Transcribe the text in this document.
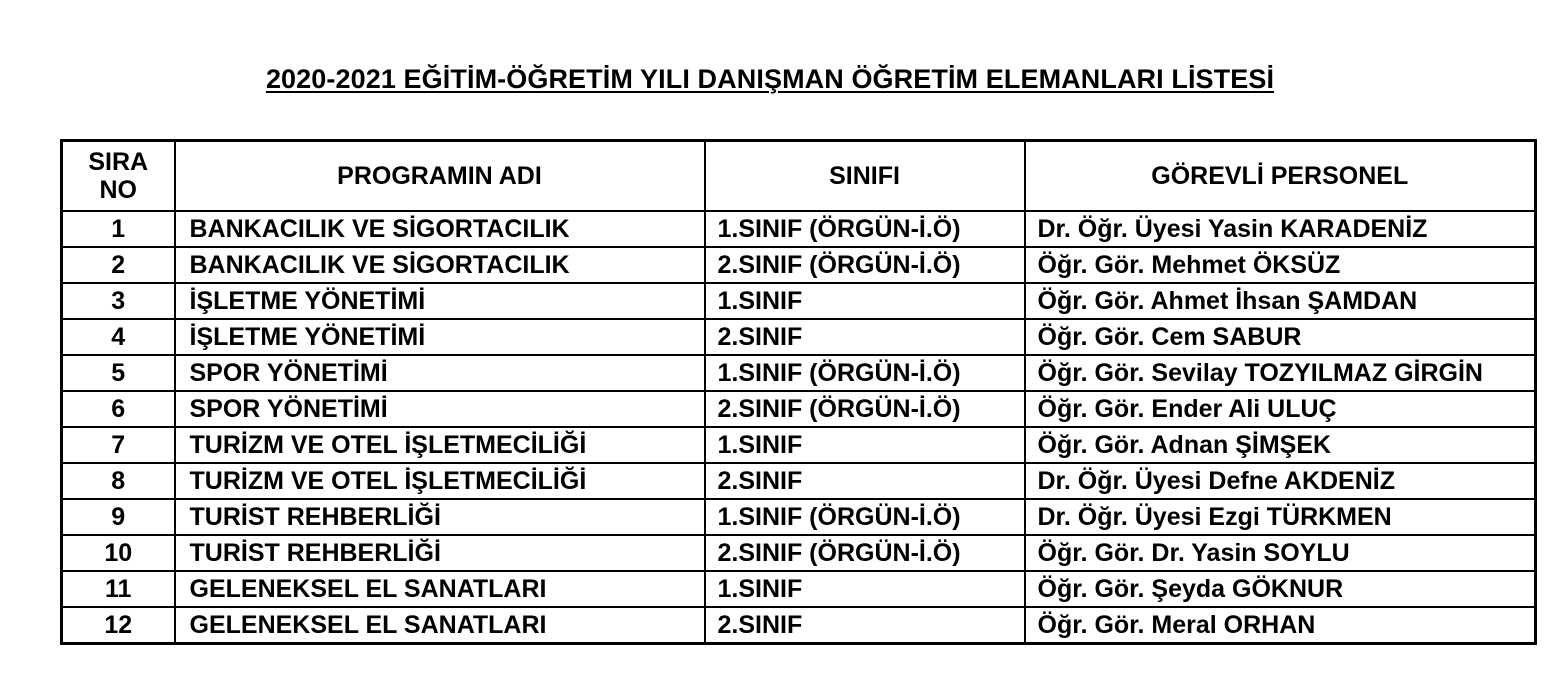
2020-2021 EĞİTİM-ÖĞRETİM YILI DANIŞMAN ÖĞRETİM ELEMANLARI LİSTESİ
SIRA
NO	PROGRAMIN ADI	SINIFI	GÖREVLİ PERSONEL
1	BANKACILIK VE SİGORTACILIK	1.SINIF (ÖRGÜN-İ.Ö)	Dr. Öğr. Üyesi Yasin KARADENİZ
2	BANKACILIK VE SİGORTACILIK	2.SINIF (ÖRGÜN-İ.Ö)	Öğr. Gör. Mehmet ÖKSÜZ
3	İŞLETME YÖNETİMİ	1.SINIF	Öğr. Gör. Ahmet İhsan ŞAMDAN
4	İŞLETME YÖNETİMİ	2.SINIF	Öğr. Gör. Cem SABUR
5	SPOR YÖNETİMİ	1.SINIF (ÖRGÜN-İ.Ö)	Öğr. Gör. Sevilay TOZYILMAZ GİRGİN
6	SPOR YÖNETİMİ	2.SINIF (ÖRGÜN-İ.Ö)	Öğr. Gör. Ender Ali ULUÇ
7	TURİZM VE OTEL İŞLETMECİLİĞİ	1.SINIF	Öğr. Gör. Adnan ŞİMŞEK
8	TURİZM VE OTEL İŞLETMECİLİĞİ	2.SINIF	Dr. Öğr. Üyesi Defne AKDENİZ
9	TURİST REHBERLİĞİ	1.SINIF (ÖRGÜN-İ.Ö)	Dr. Öğr. Üyesi Ezgi TÜRKMEN
10	TURİST REHBERLİĞİ	2.SINIF (ÖRGÜN-İ.Ö)	Öğr. Gör. Dr. Yasin SOYLU
11	GELENEKSEL EL SANATLARI	1.SINIF	Öğr. Gör. Şeyda GÖKNUR
12	GELENEKSEL EL SANATLARI	2.SINIF	Öğr. Gör. Meral ORHAN
